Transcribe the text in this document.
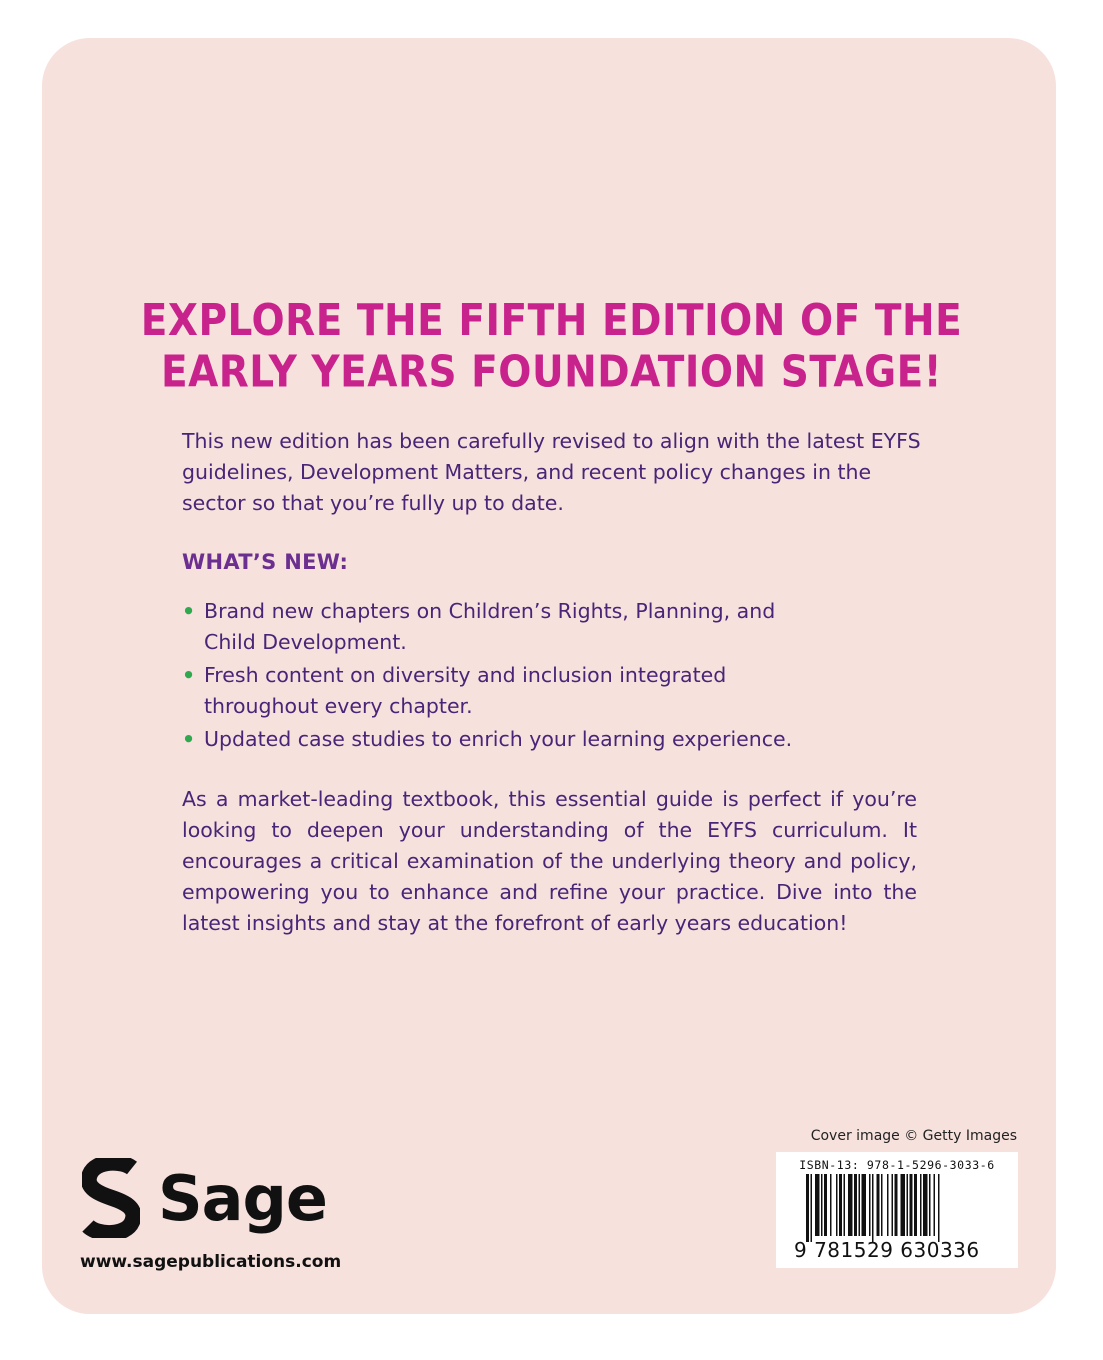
EXPLORE THE FIFTH EDITION OF THE
EARLY YEARS FOUNDATION STAGE!
This new edition has been carefully revised to align with the latest EYFS guidelines, Development Matters, and recent policy changes in the sector so that you’re fully up to date.
WHAT’S NEW:
• Brand new chapters on Children’s Rights, Planning, and Child Development.
• Fresh content on diversity and inclusion integrated throughout every chapter.
• Updated case studies to enrich your learning experience.
As a market-leading textbook, this essential guide is perfect if you’re looking to deepen your understanding of the EYFS curriculum. It encourages a critical examination of the underlying theory and policy, empowering you to enhance and refine your practice. Dive into the latest insights and stay at the forefront of early years education!
Sage
www.sagepublications.com
Cover image © Getty Images
ISBN-13: 978-1-5296-3033-6
9 781529 630336
